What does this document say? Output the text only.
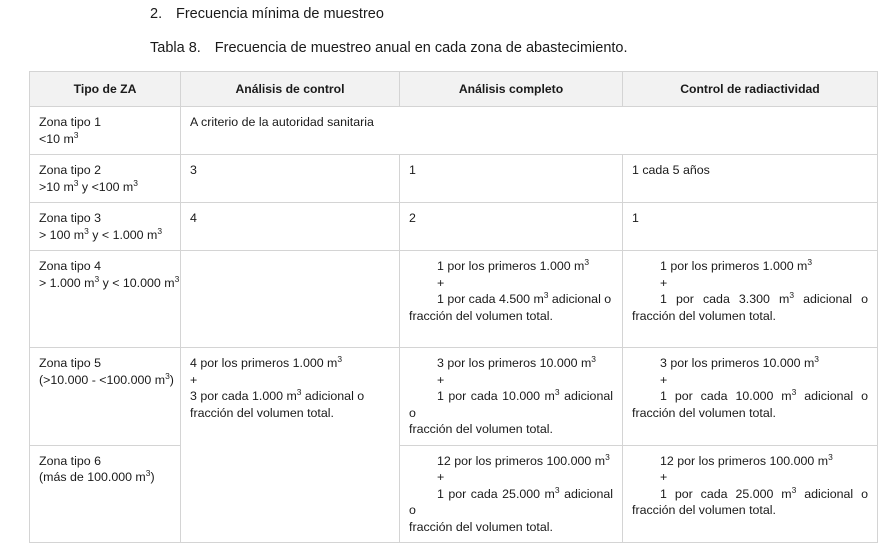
2. Frecuencia mínima de muestreo
Tabla 8. Frecuencia de muestreo anual en cada zona de abastecimiento.
Tipo de ZA	Análisis de control	Análisis completo	Control de radiactividad

Zona tipo 1
<10 $m^3$	A criterio de la autoridad sanitaria		

Zona tipo 2
>10 $m^3$ y <100 $m^3$	3	1	1 cada 5 años

Zona tipo 3
> 100 $m^3$ y < 1.000 $m^3$	4	2	1

Zona tipo 4
> 1.000 $m^3$ y < 10.000 $m^3$		1 por los primeros 1.000 $m^3$
+
1 por cada 4.500 $m^3$ adicional o
fracción del volumen total.	1 por los primeros 1.000 $m^3$
+
1 por cada 3.300 $m^3$ adicional o
fracción del volumen total.

Zona tipo 5
(>10.000 - <100.000 $m^3$)	4 por los primeros 1.000 $m^3$
+
3 por cada 1.000 $m^3$ adicional o
fracción del volumen total.	3 por los primeros 10.000 $m^3$
+
1 por cada 10.000 $m^3$ adicional o
fracción del volumen total.	3 por los primeros 10.000 $m^3$
+
1 por cada 10.000 $m^3$ adicional o
fracción del volumen total.

Zona tipo 6
(más de 100.000 $m^3$)		12 por los primeros 100.000 $m^3$
+
1 por cada 25.000 $m^3$ adicional o
fracción del volumen total.	12 por los primeros 100.000 $m^3$
+
1 por cada 25.000 $m^3$ adicional o
fracción del volumen total.
